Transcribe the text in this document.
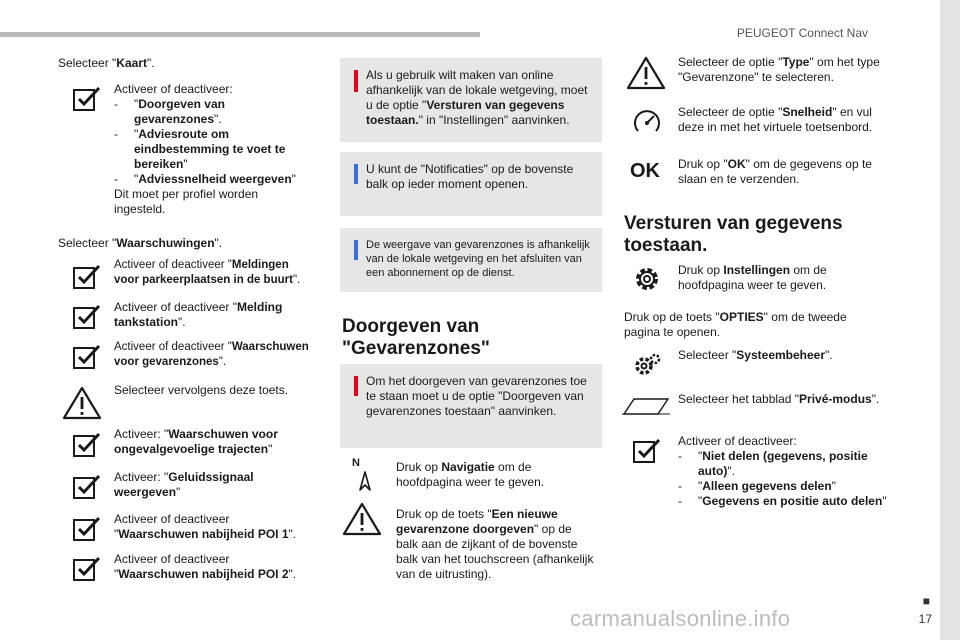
PEUGEOT Connect Nav
■
17
carmanualsonline.info
Selecteer "Kaart".
Activeer of deactiveer:
- "Doorgeven van gevarenzones".
- "Adviesroute om eindbestemming te voet te bereiken"
- "Adviessnelheid weergeven"
Dit moet per profiel worden ingesteld.
Selecteer "Waarschuwingen".
Activeer of deactiveer "Meldingen voor parkeerplaatsen in de buurt".
Activeer of deactiveer "Melding tankstation".
Activeer of deactiveer "Waarschuwen voor gevarenzones".
Selecteer vervolgens deze toets.
Activeer: "Waarschuwen voor ongevalgevoelige trajecten"
Activeer: "Geluidssignaal weergeven"
Activeer of deactiveer "Waarschuwen nabijheid POI 1".
Activeer of deactiveer "Waarschuwen nabijheid POI 2".
Als u gebruik wilt maken van online afhankelijk van de lokale wetgeving, moet u de optie "Versturen van gegevens toestaan." in "Instellingen" aanvinken.
U kunt de "Notificaties" op de bovenste balk op ieder moment openen.
De weergave van gevarenzones is afhankelijk van de lokale wetgeving en het afsluiten van een abonnement op de dienst.
Doorgeven van "Gevarenzones"
Om het doorgeven van gevarenzones toe te staan moet u de optie "Doorgeven van gevarenzones toestaan" aanvinken.
N	Druk op Navigatie om de hoofdpagina weer te geven.
Druk op de toets "Een nieuwe gevarenzone doorgeven" op de balk aan de zijkant of de bovenste balk van het touchscreen (afhankelijk van de uitrusting).
Selecteer de optie "Type" om het type "Gevarenzone" te selecteren.
Selecteer de optie "Snelheid" en vul deze in met het virtuele toetsenbord.
OK Druk op "OK" om de gegevens op te slaan en te verzenden.
Versturen van gegevens toestaan.
Druk op Instellingen om de hoofdpagina weer te geven.
Druk op de toets "OPTIES" om de tweede pagina te openen.
Selecteer "Systeembeheer".
Selecteer het tabblad "Privé-modus".
Activeer of deactiveer:
- "Niet delen (gegevens, positie auto)".
- "Alleen gegevens delen"
- "Gegevens en positie auto delen"
